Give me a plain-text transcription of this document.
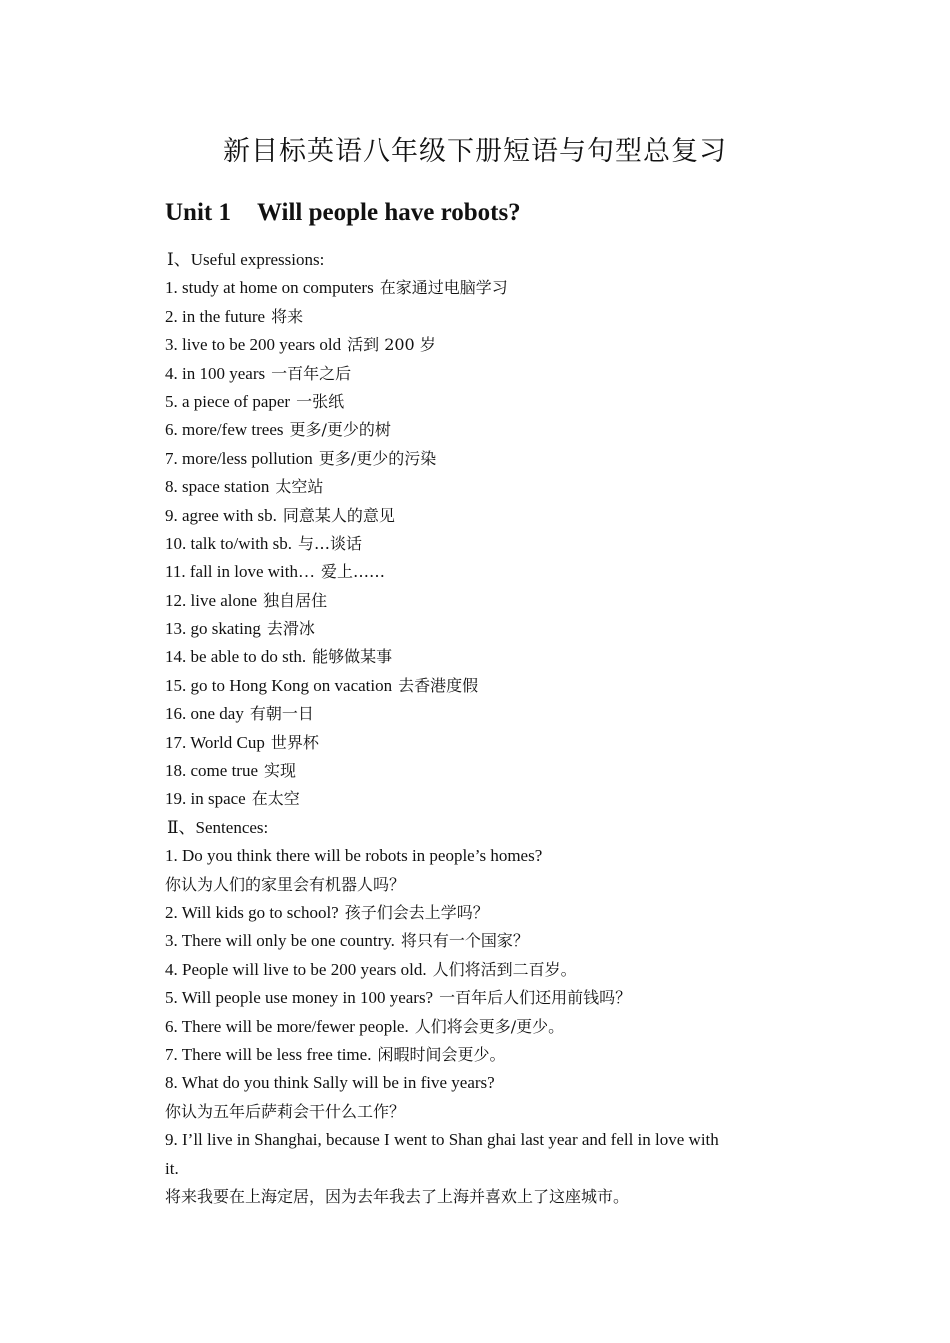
新目标英语八年级下册短语与句型总复习
Unit 1 Will people have robots?
Ⅰ、Useful expressions:
1. study at home on computers 在家通过电脑学习
2. in the future 将来
3. live to be 200 years old 活到 200 岁
4. in 100 years 一百年之后
5. a piece of paper 一张纸
6. more/few trees 更多/更少的树
7. more/less pollution 更多/更少的污染
8. space station 太空站
9. agree with sb. 同意某人的意见
10. talk to/with sb. 与…谈话
11. fall in love with… 爱上……
12. live alone 独自居住
13. go skating 去滑冰
14. be able to do sth. 能够做某事
15. go to Hong Kong on vacation 去香港度假
16. one day 有朝一日
17. World Cup 世界杯
18. come true 实现
19. in space 在太空
Ⅱ、Sentences:
1. Do you think there will be robots in people’s homes?
你认为人们的家里会有机器人吗？
2. Will kids go to school? 孩子们会去上学吗？
3. There will only be one country. 将只有一个国家？
4. People will live to be 200 years old. 人们将活到二百岁。
5. Will people use money in 100 years? 一百年后人们还用前钱吗？
6. There will be more/fewer people. 人们将会更多/更少。
7. There will be less free time. 闲暇时间会更少。
8. What do you think Sally will be in five years?
你认为五年后萨莉会干什么工作？
9. I’ll live in Shanghai, because I went to Shan ghai last year and fell in love with
it.
将来我要在上海定居，因为去年我去了上海并喜欢上了这座城市。
